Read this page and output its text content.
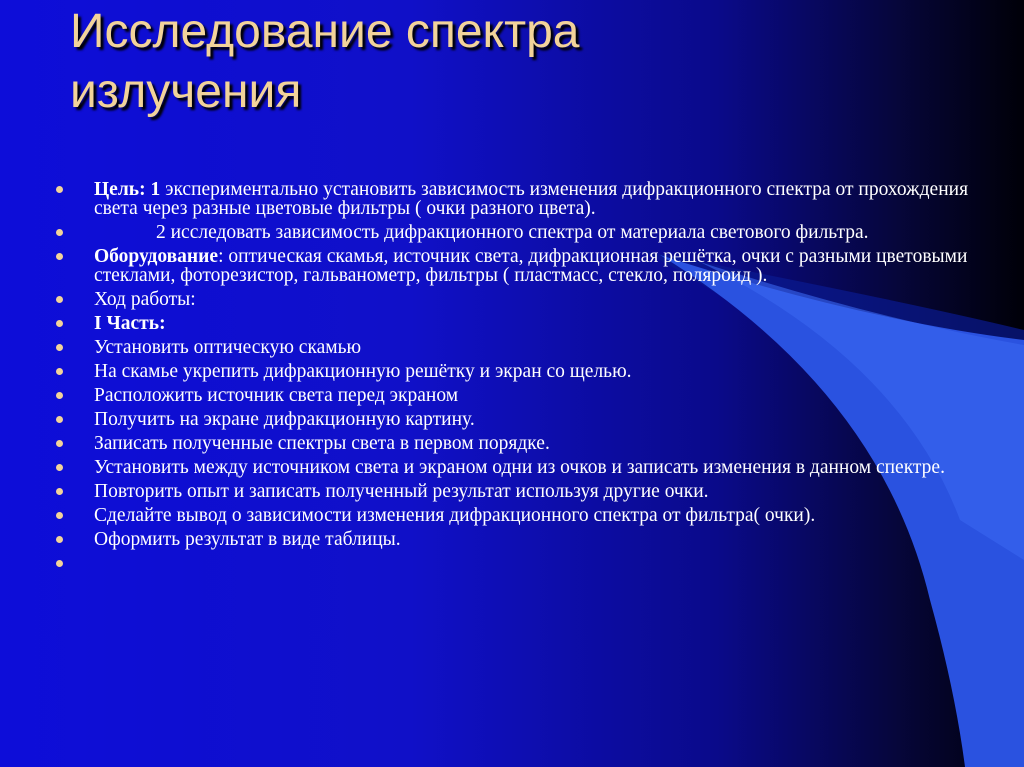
Исследование спектра
излучения
Цель: 1 экспериментально установить зависимость изменения дифракционного спектра от прохождения света через разные цветовые фильтры ( очки разного цвета).
2 исследовать зависимость дифракционного спектра от материала светового фильтра.
Оборудование: оптическая скамья, источник света, дифракционная решётка, очки с разными цветовыми стеклами, фоторезистор, гальванометр, фильтры ( пластмасс, стекло, поляроид ).
Ход работы:
I Часть:
Установить оптическую скамью
На скамье укрепить дифракционную решётку и экран со щелью.
Расположить источник света перед экраном
Получить на экране дифракционную картину.
Записать полученные спектры света в первом порядке.
Установить между источником света и экраном одни из очков и записать изменения в данном спектре.
Повторить опыт и записать полученный результат используя другие очки.
Сделайте вывод о зависимости изменения дифракционного спектра от фильтра( очки).
Оформить результат в виде таблицы.
